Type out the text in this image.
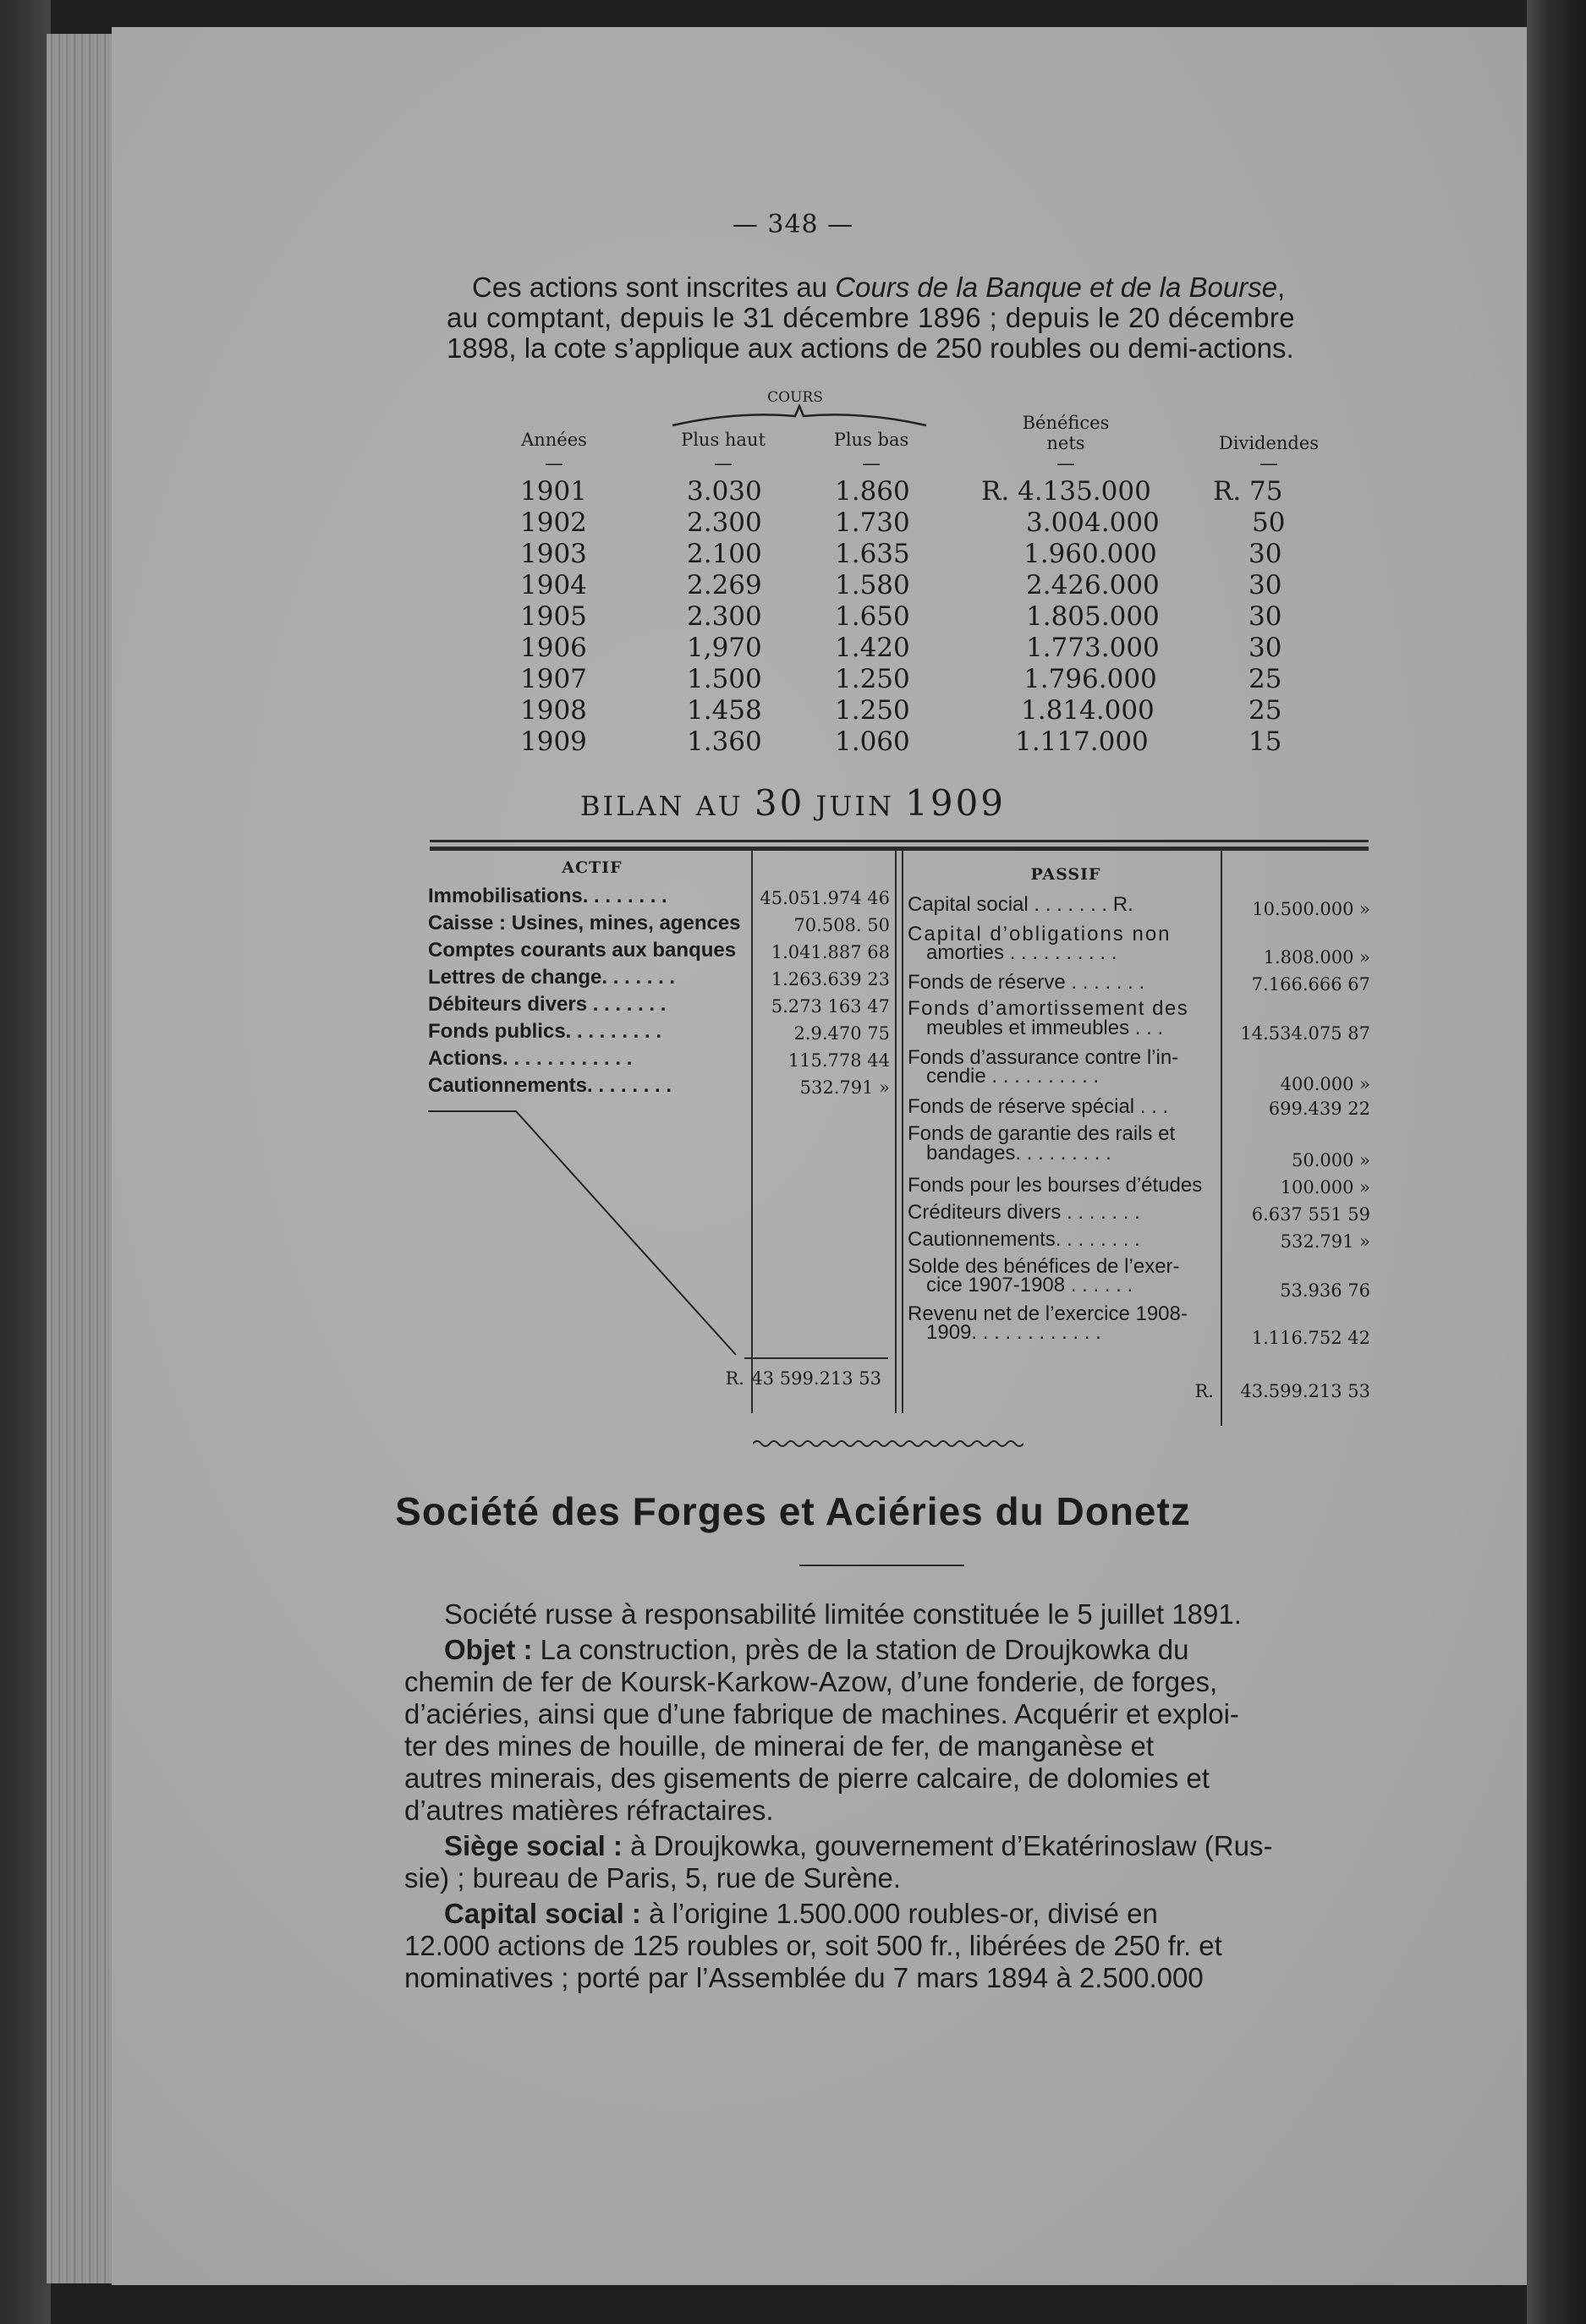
— 348 —
Ces actions sont inscrites au Cours de la Banque et de la Bourse,
au comptant, depuis le 31 décembre 1896 ; depuis le 20 décembre
1898, la cote s’applique aux actions de 250 roubles ou demi-actions.
COURS
Années	Plus haut	Plus bas
Bénéfices
nets	Dividendes
—	—	—	—	—
1901	3.030	1.860	R. 4.135.000 R. 75
1902	2.300	1.730	3.004.000	50
1903	2.100	1.635	1.960.000	30
1904	2.269	1.580	2.426.000	30
1905	2.300	1.650	1.805.000	30
1906	1,970	1.420	1.773.000	30
1907	1.500	1.250	1.796.000	25
1908	1.458	1.250	1.814.000	25
1909	1.360	1.060	1.117.000	15
BILAN AU 30 JUIN 1909
ACTIF	PASSIF
Immobilisations. . . . . . . .	45.051.974 46
Caisse : Usines, mines, agences	70.508. 50
Comptes courants aux banques	1.041.887 68
Lettres de change. . . . . . .	1.263.639 23
Débiteurs divers . . . . . . .	5.273 163 47
Fonds publics. . . . . . . . .	2.9.470 75
Actions. . . . . . . . . . . .	115.778 44
Cautionnements. . . . . . . .	532.791 »
R. 43 599.213 53
Capital social . . . . . . . R.	10.500.000 »
Capital d’obligations non
amorties . . . . . . . . . .	1.808.000 »
Fonds de réserve . . . . . . .	7.166.666 67
Fonds d’amortissement des
meubles et immeubles . . .	14.534.075 87
Fonds d’assurance contre l’in-
cendie . . . . . . . . . .	400.000 »
Fonds de réserve spécial . . .	699.439 22
Fonds de garantie des rails et
bandages. . . . . . . . .	50.000 »
Fonds pour les bourses d’études	100.000 »
Créditeurs divers . . . . . . .	6.637 551 59
Cautionnements. . . . . . . .	532.791 »
Solde des bénéfices de l’exer-
cice 1907-1908 . . . . . .	53.936 76
Revenu net de l’exercice 1908-
1909. . . . . . . . . . . .	1.116.752 42
R.	43.599.213 53
Société des Forges et Aciéries du Donetz
Société russe à responsabilité limitée constituée le 5 juillet 1891.
Objet : La construction, près de la station de Droujkowka du
chemin de fer de Koursk-Karkow-Azow, d’une fonderie, de forges,
d’aciéries, ainsi que d’une fabrique de machines. Acquérir et exploi-
ter des mines de houille, de minerai de fer, de manganèse et
autres minerais, des gisements de pierre calcaire, de dolomies et
d’autres matières réfractaires.
Siège social : à Droujkowka, gouvernement d’Ekatérinoslaw (Rus-
sie) ; bureau de Paris, 5, rue de Surène.
Capital social : à l’origine 1.500.000 roubles-or, divisé en
12.000 actions de 125 roubles or, soit 500 fr., libérées de 250 fr. et
nominatives ; porté par l’Assemblée du 7 mars 1894 à 2.500.000
